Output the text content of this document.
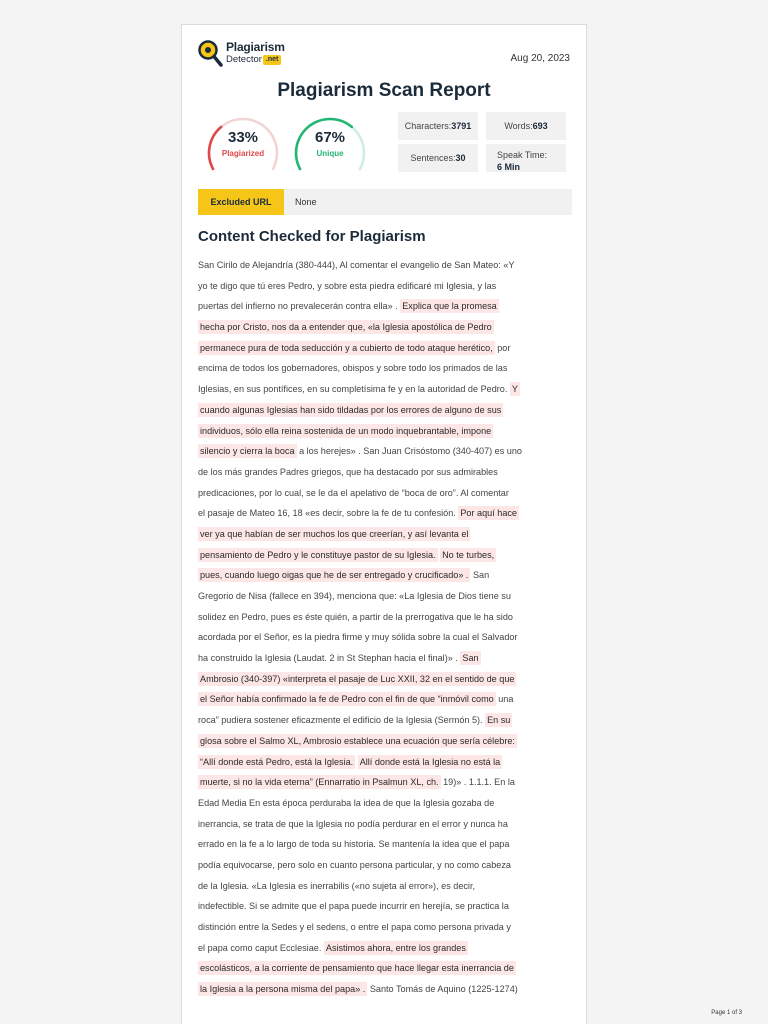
Plagiarism
Detector .net	Aug 20, 2023
Plagiarism Scan Report
33%
Plagiarized
67%
Unique
Characters: 3791	Words: 693
Sentences: 30	Speak Time:
6 Min
Excluded URL	None
Content Checked for Plagiarism
San Cirilo de Alejandría (380-444), Al comentar el evangelio de San Mateo: «Y
yo te digo que tú eres Pedro, y sobre esta piedra edificaré mi Iglesia, y las
puertas del infierno no prevalecerán contra ella» . Explica que la promesa
hecha por Cristo, nos da a entender que, «la Iglesia apostólica de Pedro
permanece pura de toda seducción y a cubierto de todo ataque herético, por
encima de todos los gobernadores, obispos y sobre todo los primados de las
Iglesias, en sus pontífices, en su completísima fe y en la autoridad de Pedro. Y
cuando algunas Iglesias han sido tildadas por los errores de alguno de sus
individuos, sólo ella reina sostenida de un modo inquebrantable, impone
silencio y cierra la boca a los herejes» . San Juan Crisóstomo (340-407) es uno
de los más grandes Padres griegos, que ha destacado por sus admirables
predicaciones, por lo cual, se le da el apelativo de “boca de oro”. Al comentar
el pasaje de Mateo 16, 18 «es decir, sobre la fe de tu confesión. Por aquí hace
ver ya que habían de ser muchos los que creerían, y así levanta el
pensamiento de Pedro y le constituye pastor de su Iglesia. No te turbes,
pues, cuando luego oigas que he de ser entregado y crucificado» . San
Gregorio de Nisa (fallece en 394), menciona que: «La Iglesia de Dios tiene su
solidez en Pedro, pues es éste quién, a partir de la prerrogativa que le ha sido
acordada por el Señor, es la piedra firme y muy sólida sobre la cual el Salvador
ha construido la Iglesia (Laudat. 2 in St Stephan hacia el final)» . San
Ambrosio (340-397) «interpreta el pasaje de Luc XXII, 32 en el sentido de que
el Señor había confirmado la fe de Pedro con el fin de que “inmóvil como una
roca” pudiera sostener eficazmente el edificio de la Iglesia (Sermón 5). En su
glosa sobre el Salmo XL, Ambrosio establece una ecuación que sería célebre:
“Allí donde está Pedro, está la Iglesia. Allí donde está la Iglesia no está la
muerte, si no la vida eterna” (Ennarratio in Psalmun XL, ch. 19)» . 1.1.1. En la
Edad Media En esta época perduraba la idea de que la Iglesia gozaba de
inerrancia, se trata de que la Iglesia no podía perdurar en el error y nunca ha
errado en la fe a lo largo de toda su historia. Se mantenía la idea que el papa
podía equivocarse, pero solo en cuanto persona particular, y no como cabeza
de la Iglesia. «La Iglesia es inerrabilis («no sujeta al error»), es decir,
indefectible. Si se admite que el papa puede incurrir en herejía, se practica la
distinción entre la Sedes y el sedens, o entre el papa como persona privada y
el papa como caput Ecclesiae. Asistimos ahora, entre los grandes
escolásticos, a la corriente de pensamiento que hace llegar esta inerrancia de
la Iglesia a la persona misma del papa» . Santo Tomás de Aquino (1225-1274)
Page 1 of 3
